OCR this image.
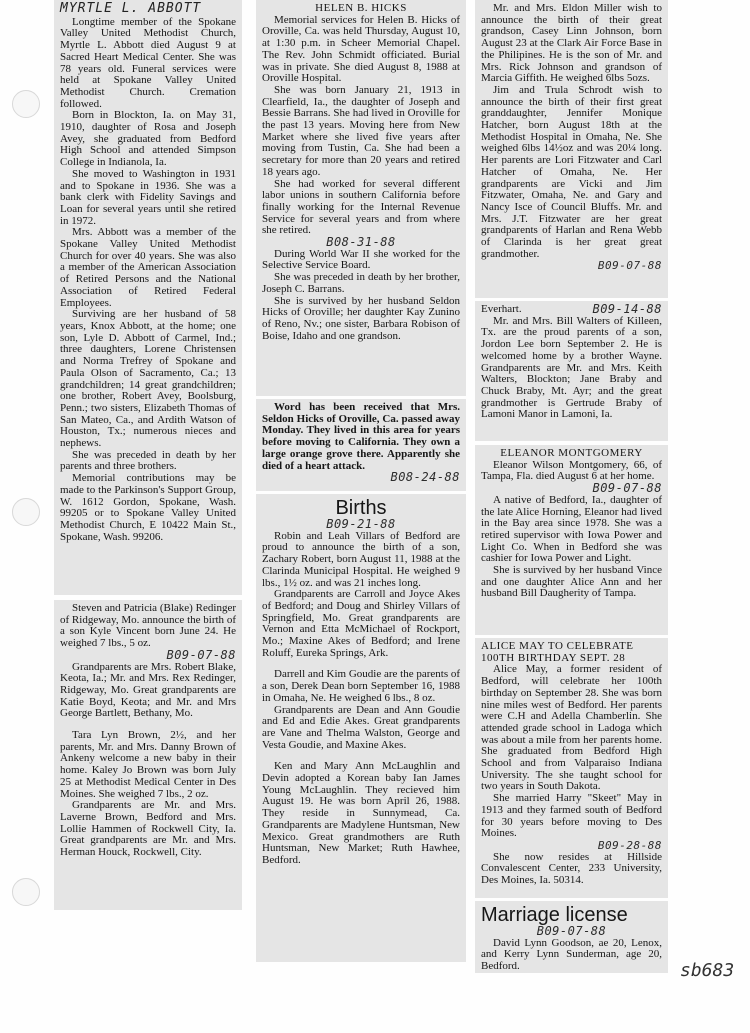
MYRTLE L. ABBOTT

Longtime member of the Spokane Valley United Methodist Church, Myrtle L. Abbott died August 9 at Sacred Heart Medical Center. She was 78 years old. Funeral services were held at Spokane Valley United Methodist Church. Cremation followed.

Born in Blockton, Ia. on May 31, 1910, daughter of Rosa and Joseph Avey, she graduated from Bedford High School and attended Simpson College in Indianola, Ia.

She moved to Washington in 1931 and to Spokane in 1936. She was a bank clerk with Fidelity Savings and Loan for several years until she retired in 1972.

Mrs. Abbott was a member of the Spokane Valley United Methodist Church for over 40 years. She was also a member of the American Association of Retired Persons and the National Association of Retired Federal Employees.

Surviving are her husband of 58 years, Knox Abbott, at the home; one son, Lyle D. Abbott of Carmel, Ind.; three daughters, Lorene Christensen and Norma Trefrey of Spokane and Paula Olson of Sacramento, Ca.; 13 grandchildren; 14 great grandchildren; one brother, Robert Avey, Boolsburg, Penn.; two sisters, Elizabeth Thomas of San Mateo, Ca., and Ardith Watson of Houston, Tx.; numerous nieces and nephews.

She was preceded in death by her parents and three brothers.

Memorial contributions may be made to the Parkinson's Support Group, W. 1612 Gordon, Spokane, Wash. 99205 or to Spokane Valley United Methodist Church, E 10422 Main St., Spokane, Wash. 99206.

Steven and Patricia (Blake) Redinger of Ridgeway, Mo. announce the birth of a son Kyle Vincent born June 24. He weighed 7 lbs., 5 oz.

B09-07-88

Grandparents are Mrs. Robert Blake, Keota, Ia.; Mr. and Mrs. Rex Redinger, Ridgeway, Mo. Great grandparents are Katie Boyd, Keota; and Mr. and Mrs George Bartlett, Bethany, Mo.

Tara Lyn Brown, 2½, and her parents, Mr. and Mrs. Danny Brown of Ankeny welcome a new baby in their home. Kaley Jo Brown was born July 25 at Methodist Medical Center in Des Moines. She weighed 7 lbs., 2 oz.

Grandparents are Mr. and Mrs. Laverne Brown, Bedford and Mrs. Lollie Hammen of Rockwell City, Ia. Great grandparents are Mr. and Mrs. Herman Houck, Rockwell, City.

HELEN B. HICKS

Memorial services for Helen B. Hicks of Oroville, Ca. was held Thursday, August 10, at 1:30 p.m. in Scheer Memorial Chapel. The Rev. John Schmidt officiated. Burial was in private. She died August 8, 1988 at Oroville Hospital.

She was born January 21, 1913 in Clearfield, Ia., the daughter of Joseph and Bessie Barrans. She had lived in Oroville for the past 13 years. Moving here from New Market where she lived five years after moving from Tustin, Ca. She had been a secretary for more than 20 years and retired 18 years ago.

She had worked for several different labor unions in southern California before finally working for the Internal Revenue Service for several years and from where she retired.

B08-31-88

During World War II she worked for the Selective Service Board.

She was preceded in death by her brother, Joseph C. Barrans.

She is survived by her husband Seldon Hicks of Oroville; her daughter Kay Zunino of Reno, Nv.; one sister, Barbara Robison of Boise, Idaho and one grandson.

Word has been received that Mrs. Seldon Hicks of Oroville, Ca. passed away Monday. They lived in this area for years before moving to California. They own a large orange grove there. Apparently she died of a heart attack.

B08-24-88
Births
B09-21-88

Robin and Leah Villars of Bedford are proud to announce the birth of a son, Zachary Robert, born August 11, 1988 at the Clarinda Municipal Hospital. He weighed 9 lbs., 1½ oz. and was 21 inches long.

Grandparents are Carroll and Joyce Akes of Bedford; and Doug and Shirley Villars of Springfield, Mo. Great grandparents are Vernon and Etta McMichael of Rockport, Mo.; Maxine Akes of Bedford; and Irene Roluff, Eureka Springs, Ark.

Darrell and Kim Goudie are the parents of a son, Derek Dean born September 16, 1988 in Omaha, Ne. He weighed 6 lbs., 8 oz.

Grandparents are Dean and Ann Goudie and Ed and Edie Akes. Great grandparents are Vane and Thelma Walston, George and Vesta Goudie, and Maxine Akes.

Ken and Mary Ann McLaughlin and Devin adopted a Korean baby Ian James Young McLaughlin. They recieved him August 19. He was born April 26, 1988. They reside in Sunnymead, Ca. Grandparents are Madylene Huntsman, New Mexico. Great grandmothers are Ruth Huntsman, New Market; Ruth Hawhee, Bedford.

Mr. and Mrs. Eldon Miller wish to announce the birth of their great grandson, Casey Linn Johnson, born August 23 at the Clark Air Force Base in the Philipines. He is the son of Mr. and Mrs. Rick Johnson and grandson of Marcia Giffith. He weighed 6lbs 5ozs.

Jim and Trula Schrodt wish to announce the birth of their first great granddaughter, Jennifer Monique Hatcher, born August 18th at the Methodist Hospital in Omaha, Ne. She weighed 6lbs 14½oz and was 20¼ long. Her parents are Lori Fitzwater and Carl Hatcher of Omaha, Ne. Her grandparents are Vicki and Jim Fitzwater, Omaha, Ne. and Gary and Nancy Isce of Council Bluffs. Mr. and Mrs. J.T. Fitzwater are her great grandparents of Harlan and Rena Webb of Clarinda is her great great grandmother.

B09-07-88
Everhart.	B09-14-88

Mr. and Mrs. Bill Walters of Killeen, Tx. are the proud parents of a son, Jordon Lee born September 2. He is welcomed home by a brother Wayne. Grandparents are Mr. and Mrs. Keith Walters, Blockton; Jane Braby and Chuck Braby, Mt. Ayr; and the great grandmother is Gertrude Braby of Lamoni Manor in Lamoni, Ia.

ELEANOR MONTGOMERY

Eleanor Wilson Montgomery, 66, of Tampa, Fla. died August 6 at her home.

B09-07-88

A native of Bedford, Ia., daughter of the late Alice Horning, Eleanor had lived in the Bay area since 1978. She was a retired supervisor with Iowa Power and Light Co. When in Bedford she was cashier for Iowa Power and Light.

She is survived by her husband Vince and one daughter Alice Ann and her husband Bill Daugherity of Tampa.

ALICE MAY TO CELEBRATE
100TH BIRTHDAY SEPT. 28

Alice May, a former resident of Bedford, will celebrate her 100th birthday on September 28. She was born nine miles west of Bedford. Her parents were C.H and Adella Chamberlin. She attended grade school in Ladoga which was about a mile from her parents home. She graduated from Bedford High School and from Valparaiso Indiana University. The she taught school for two years in South Dakota.

She married Harry "Skeet" May in 1913 and they farmed south of Bedford for 30 years before moving to Des Moines.

B09-28-88

She now resides at Hillside Convalescent Center, 233 University, Des Moines, Ia. 50314.

Marriage license
B09-07-88

David Lynn Goodson, ae 20, Lenox, and Kerry Lynn Sunderman, age 20, Bedford.	sb683
